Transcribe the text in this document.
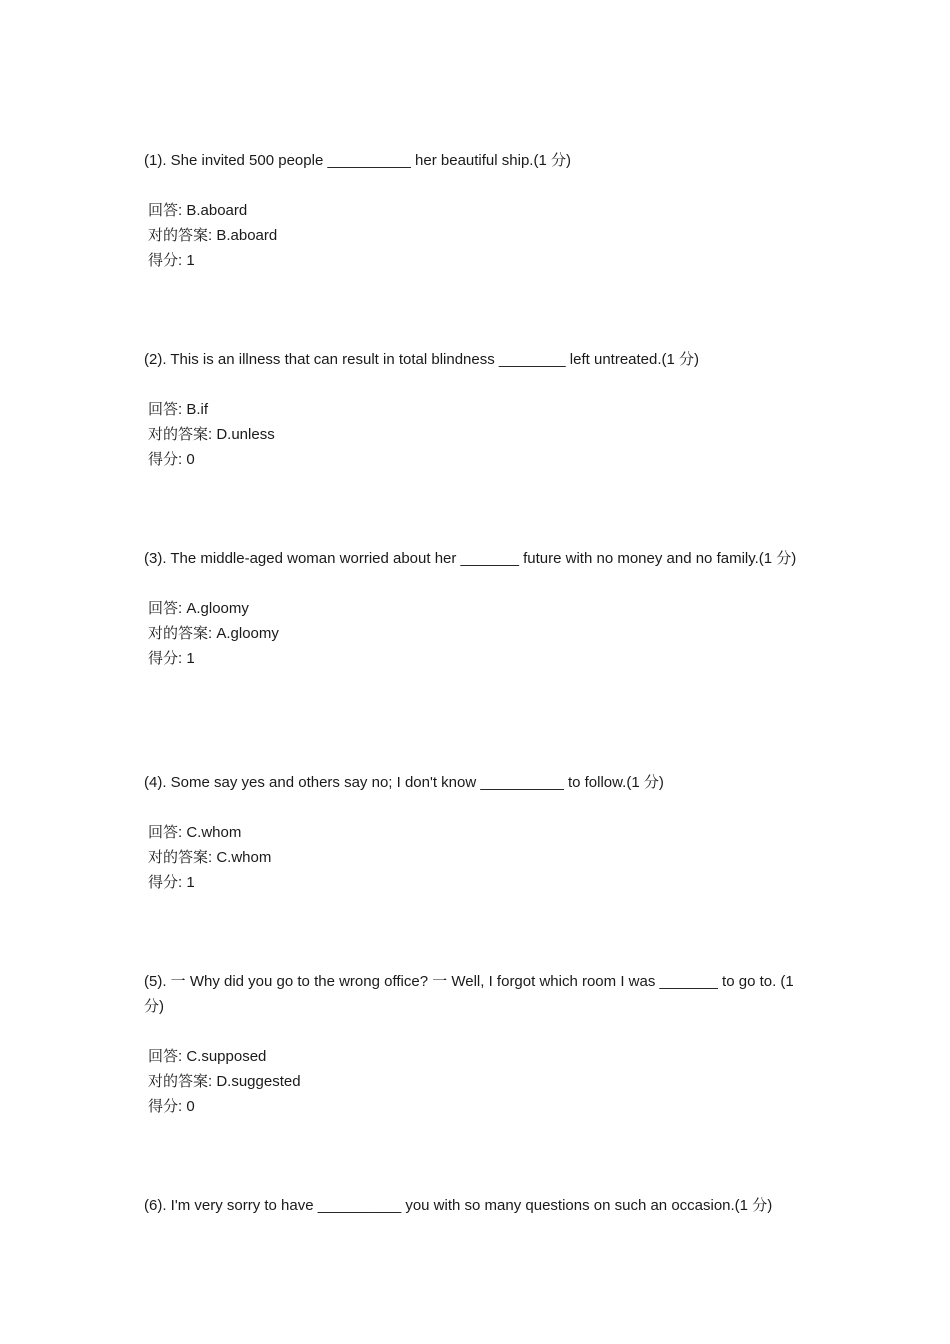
(1). She invited 500 people __________ her beautiful ship.(1 分)

回答: B.aboard
对的答案: B.aboard
得分: 1

(2). This is an illness that can result in total blindness ________ left untreated.(1 分)

回答: B.if
对的答案: D.unless
得分: 0

(3). The middle-aged woman worried about her _______ future with no money and no family.(1 分)

回答: A.gloomy
对的答案: A.gloomy
得分: 1

(4). Some say yes and others say no; I don't know __________ to follow.(1 分)

回答: C.whom
对的答案: C.whom
得分: 1

(5). 一 Why did you go to the wrong office? 一 Well, I forgot which room I was _______ to go to. (1 分)

回答: C.supposed
对的答案: D.suggested
得分: 0

(6). I'm very sorry to have __________ you with so many questions on such an occasion.(1 分)
